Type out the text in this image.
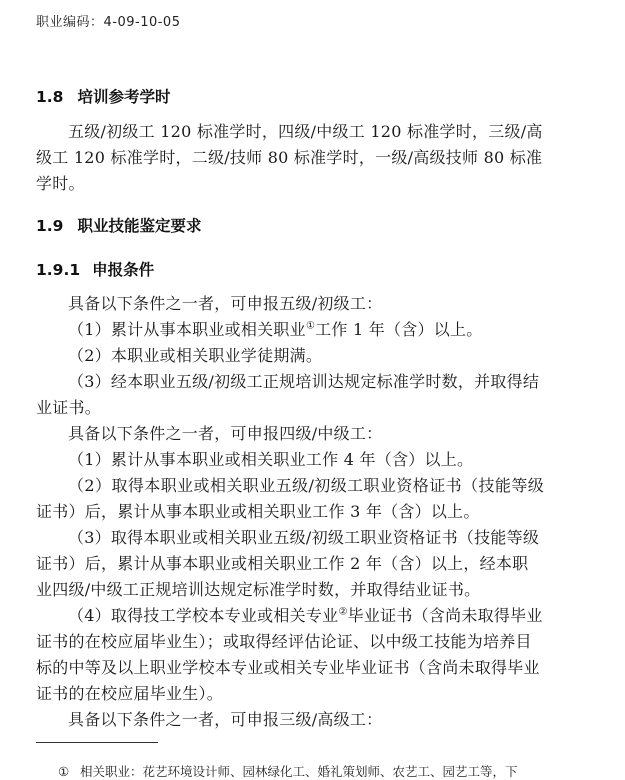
职业编码：4-09-10-05
1.8 培训参考学时

五级/初级工 120 标准学时，四级/中级工 120 标准学时，三级/高级工 120 标准学时，二级/技师 80 标准学时，一级/高级技师 80 标准学时。

1.9 职业技能鉴定要求
1.9.1 申报条件

具备以下条件之一者，可申报五级/初级工：

（1）累计从事本职业或相关职业①工作 1 年（含）以上。

（2）本职业或相关职业学徒期满。

（3）经本职业五级/初级工正规培训达规定标准学时数，并取得结业证书。

具备以下条件之一者，可申报四级/中级工：

（1）累计从事本职业或相关职业工作 4 年（含）以上。

（2）取得本职业或相关职业五级/初级工职业资格证书（技能等级证书）后，累计从事本职业或相关职业工作 3 年（含）以上。

（3）取得本职业或相关职业五级/初级工职业资格证书（技能等级证书）后，累计从事本职业或相关职业工作 2 年（含）以上，经本职业四级/中级工正规培训达规定标准学时数，并取得结业证书。

（4）取得技工学校本专业或相关专业②毕业证书（含尚未取得毕业证书的在校应届毕业生）；或取得经评估论证、以中级工技能为培养目标的中等及以上职业学校本专业或相关专业毕业证书（含尚未取得毕业证书的在校应届毕业生）。

具备以下条件之一者，可申报三级/高级工：

① 相关职业：花艺环境设计师、园林绿化工、婚礼策划师、农艺工、园艺工等，下
